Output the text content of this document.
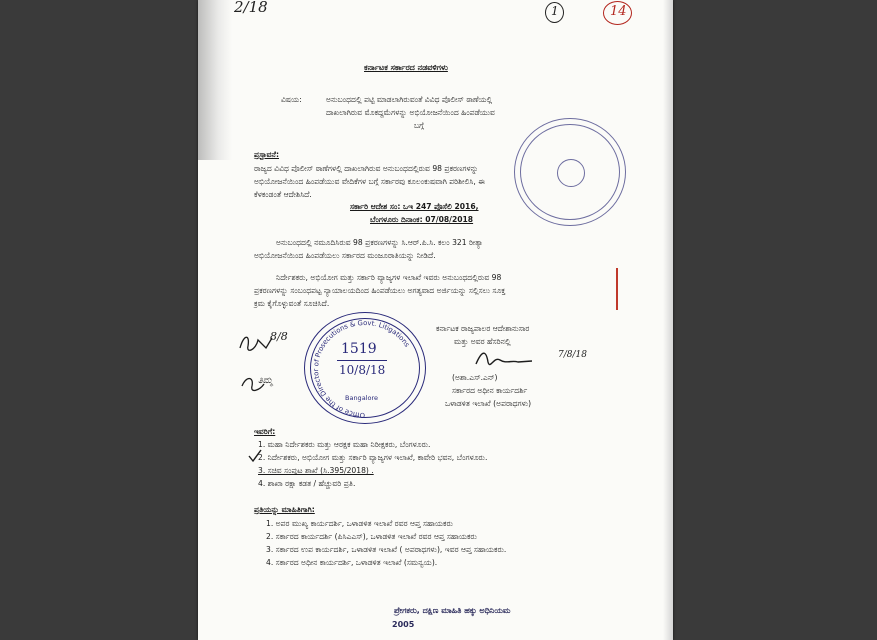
2/18	1	14
ಕರ್ನಾಟಕ ಸರ್ಕಾರದ ನಡವಳಿಗಳು
ವಿಷಯ:	ಅನುಬಂಧದಲ್ಲಿ ಪಟ್ಟಿ ಮಾಡಲಾಗಿರುವಂತೆ ವಿವಿಧ ಪೊಲೀಸ್ ಠಾಣೆಯಲ್ಲಿ
ದಾಖಲಾಗಿರುವ ಮೊಕದ್ದಮೆಗಳನ್ನು ಅಭಿಯೋಜನೆಯಿಂದ ಹಿಂಪಡೆಯುವ
ಬಗ್ಗೆ
ಪ್ರಸ್ತಾವನೆ:
ರಾಜ್ಯದ ವಿವಿಧ ಪೊಲೀಸ್ ಠಾಣೆಗಳಲ್ಲಿ ದಾಖಲಾಗಿರುವ ಅನುಬಂಧದಲ್ಲಿರುವ 98 ಪ್ರಕರಣಗಳನ್ನು
ಅಭಿಯೋಜನೆಯಿಂದ ಹಿಂಪಡೆಯುವ ವೇದಿಕೆಗಳ ಬಗ್ಗೆ ಸರ್ಕಾರವು ಕೂಲಂಕುಷವಾಗಿ ಪರಿಶೀಲಿಸಿ, ಈ
ಕೆಳಕಂಡಂತೆ ಆದೇಶಿಸಿದೆ.
ಸರ್ಕಾರಿ ಆದೇಶ ಸಂ: ಒಇ 247 ಪೊಸೆಲಿ 2016,
ಬೆಂಗಳೂರು ದಿನಾಂಕ: 07/08/2018
ಅನುಬಂಧದಲ್ಲಿ ನಮೂದಿಸಿರುವ 98 ಪ್ರಕರಣಗಳನ್ನು ಸಿ.ಆರ್.ಪಿ.ಸಿ. ಕಲಂ 321 ರೀತ್ಯಾ
ಅಭಿಯೋಜನೆಯಿಂದ ಹಿಂಪಡೆಯಲು ಸರ್ಕಾರದ ಮಂಜೂರಾತಿಯನ್ನು ನೀಡಿದೆ.
ನಿರ್ದೇಶಕರು, ಅಭಿಯೋಗ ಮತ್ತು ಸರ್ಕಾರಿ ವ್ಯಾಜ್ಯಗಳ ಇಲಾಖೆ ಇವರು ಅನುಬಂಧದಲ್ಲಿರುವ 98
ಪ್ರಕರಣಗಳನ್ನು ಸಂಬಂಧಪಟ್ಟ ನ್ಯಾಯಾಲಯದಿಂದ ಹಿಂಪಡೆಯಲು ಅಗತ್ಯವಾದ ಅರ್ಜಿಯನ್ನು ಸಲ್ಲಿಸಲು ಸೂಕ್ತ
ಕ್ರಮ ಕೈಗೊಳ್ಳುವಂತೆ ಸೂಚಿಸಿದೆ.
ಕರ್ನಾಟಕ ರಾಜ್ಯಪಾಲರ ಆದೇಶಾನುಸಾರ
ಮತ್ತು ಅವರ ಹೆಸರಿನಲ್ಲಿ
7/8/18
(ಅಶಾ.ಎಸ್.ಎನ್)
ಸರ್ಕಾರದ ಅಧೀನ ಕಾರ್ಯದರ್ಶಿ
ಒಳಾಡಳಿತ ಇಲಾಖೆ (ಅಪರಾಧಗಳು)
8/8
ತಿಮ್ಮ
Office of the Director of Prosecutions & Govt. Litigations
1519
10/8/18
Bangalore
ಇವರಿಗೆ:
1. ಮಹಾ ನಿರ್ದೇಶಕರು ಮತ್ತು ಆರಕ್ಷಕ ಮಹಾ ನಿರೀಕ್ಷಕರು, ಬೆಂಗಳೂರು.
2. ನಿರ್ದೇಶಕರು, ಅಭಿಯೋಗ ಮತ್ತು ಸರ್ಕಾರಿ ವ್ಯಾಜ್ಯಗಳ ಇಲಾಖೆ, ಕಾವೇರಿ ಭವನ, ಬೆಂಗಳೂರು.
3. ಸಚಿವ ಸಂಪುಟ ಶಾಖೆ (ಸಿ.395/2018) .
4. ಶಾಖಾ ರಕ್ಷಾ ಕಡತ / ಹೆಚ್ಚುವರಿ ಪ್ರತಿ.
ಪ್ರತಿಯನ್ನು ಮಾಹಿತಿಗಾಗಿ:
1. ಅಪರ ಮುಖ್ಯ ಕಾರ್ಯದರ್ಶಿ, ಒಳಾಡಳಿತ ಇಲಾಖೆ ರವರ ಆಪ್ತ ಸಹಾಯಕರು
2. ಸರ್ಕಾರದ ಕಾರ್ಯದರ್ಶಿ (ಪಿಸಿಎಎಸ್), ಒಳಾಡಳಿತ ಇಲಾಖೆ ರವರ ಆಪ್ತ ಸಹಾಯಕರು
3. ಸರ್ಕಾರದ ಉಪ ಕಾರ್ಯದರ್ಶಿ, ಒಳಾಡಳಿತ ಇಲಾಖೆ ( ಅಪರಾಧಗಳು), ಇವರ ಆಪ್ತ ಸಹಾಯಕರು.
4. ಸರ್ಕಾರದ ಅಧೀನ ಕಾರ್ಯದರ್ಶಿ, ಒಳಾಡಳಿತ ಇಲಾಖೆ (ಸಮನ್ವಯ).
ಪ್ರೇಗಕರು, ದಕ್ಷಿಣ ಮಾಹಿತಿ ಹಕ್ಕು ಅಧಿನಿಯಮ
2005
